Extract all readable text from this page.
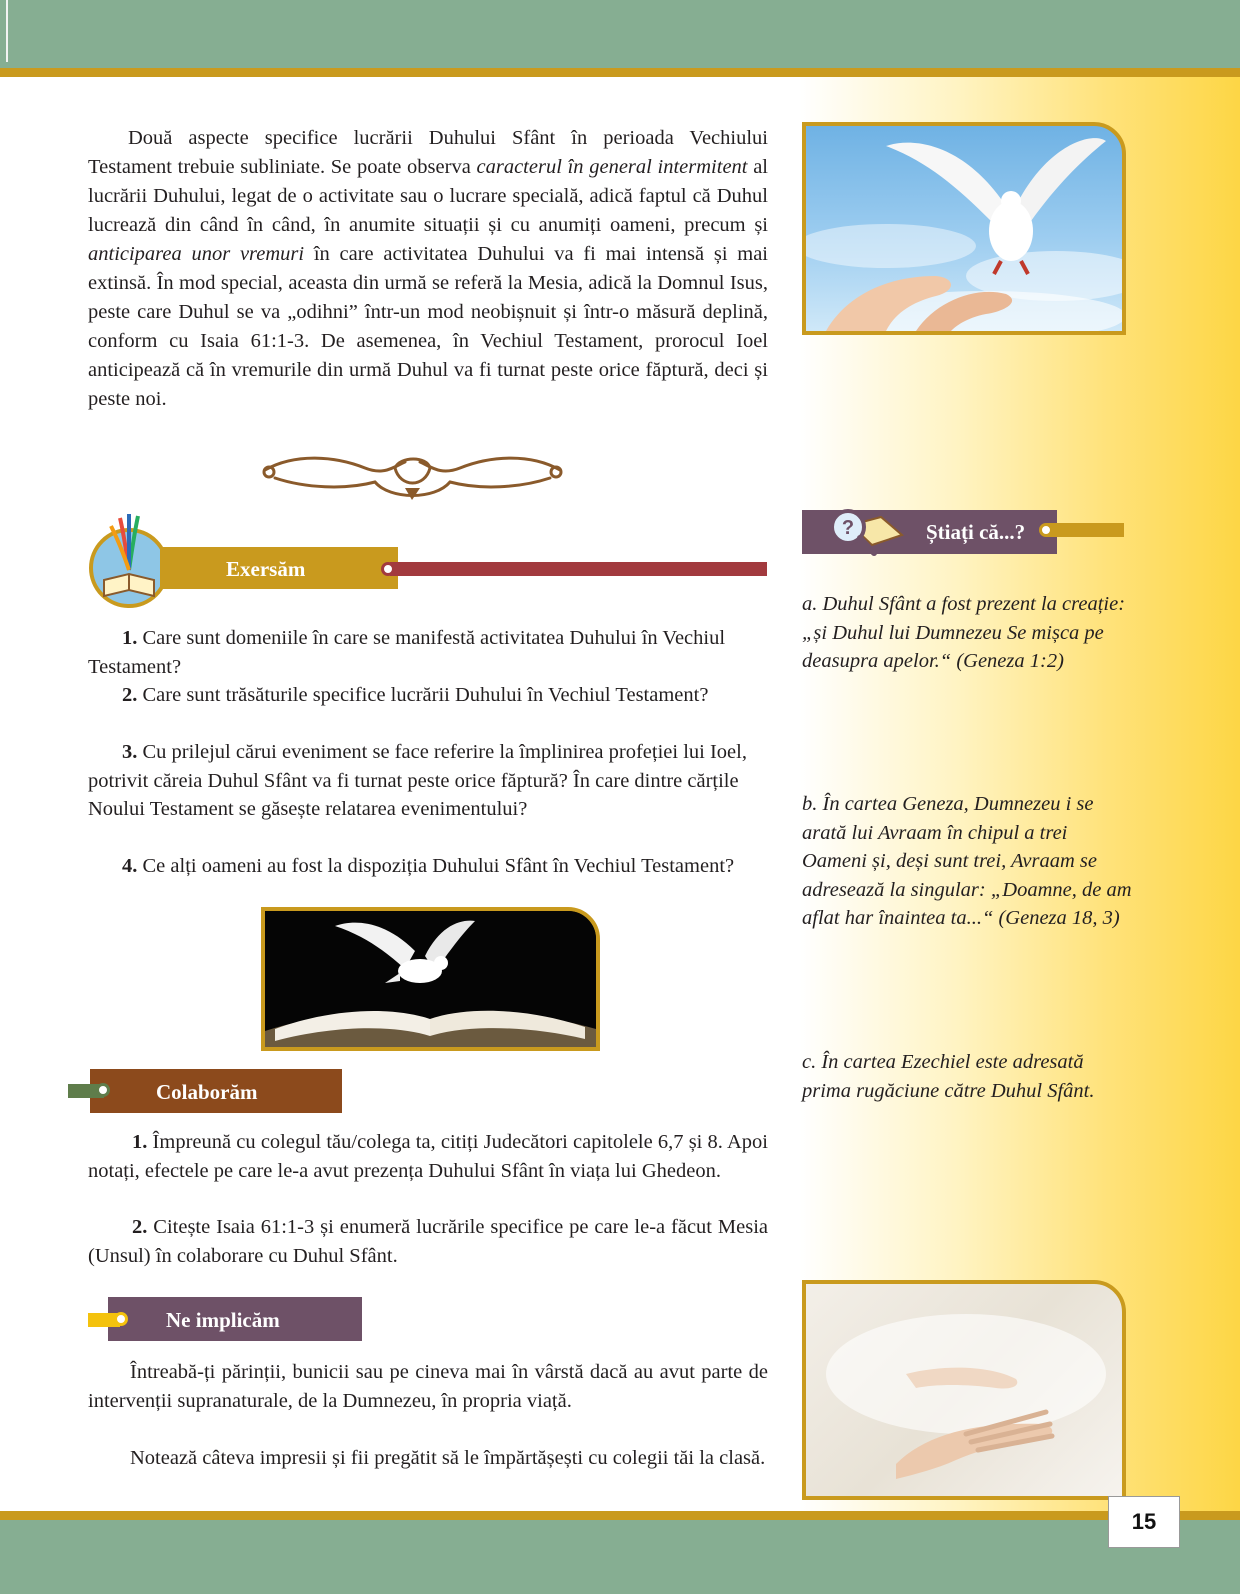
Două aspecte specifice lucrării Duhului Sfânt în perioada Vechiului Testament trebuie subliniate. Se poate observa caracterul în general intermitent al lucrării Duhului, legat de o activitate sau o lucrare specială, adică faptul că Duhul lucrează din când în când, în anumite situații și cu anumiți oameni, precum și anticiparea unor vremuri în care activitatea Duhului va fi mai intensă și mai extinsă. În mod special, aceasta din urmă se referă la Mesia, adică la Domnul Isus, peste care Duhul se va „odihni” într-un mod neobișnuit și într-o măsură deplină, conform cu Isaia 61:1-3. De asemenea, în Vechiul Testament, prorocul Ioel anticipează că în vremurile din urmă Duhul va fi turnat peste orice făptură, deci și peste noi.
Exersăm
1. Care sunt domeniile în care se manifestă activitatea Duhului în Vechiul Testament?
2. Care sunt trăsăturile specifice lucrării Duhului în Vechiul Testament?
3. Cu prilejul cărui eveniment se face referire la împlinirea profeției lui Ioel, potrivit căreia Duhul Sfânt va fi turnat peste orice făptură? În care dintre cărțile Noului Testament se găsește relatarea evenimentului?
4. Ce alți oameni au fost la dispoziția Duhului Sfânt în Vechiul Testament?
Colaborăm
1. Împreună cu colegul tău/colega ta, citiți Judecători capitolele 6,7 și 8. Apoi notați, efectele pe care le-a avut prezența Duhului Sfânt în viața lui Ghedeon.
2. Citește Isaia 61:1-3 și enumeră lucrările specifice pe care le-a făcut Mesia (Unsul) în colaborare cu Duhul Sfânt.
Ne implicăm
Întreabă-ți părinții, bunicii sau pe cineva mai în vârstă dacă au avut parte de intervenții supranaturale, de la Dumnezeu, în propria viață.
Notează câteva impresii și fii pregătit să le împărtășești cu colegii tăi la clasă.
?	Știați că...?
a. Duhul Sfânt a fost prezent la creație: „și Duhul lui Dumnezeu Se mișca pe deasupra apelor.“ (Geneza 1:2)
b. În cartea Geneza, Dumnezeu i se arată lui Avraam în chipul a trei Oameni și, deși sunt trei, Avraam se adresează la singular: „Doamne, de am aflat har înaintea ta...“ (Geneza 18, 3)
c. În cartea Ezechiel este adresată prima rugăciune către Duhul Sfânt.
15
